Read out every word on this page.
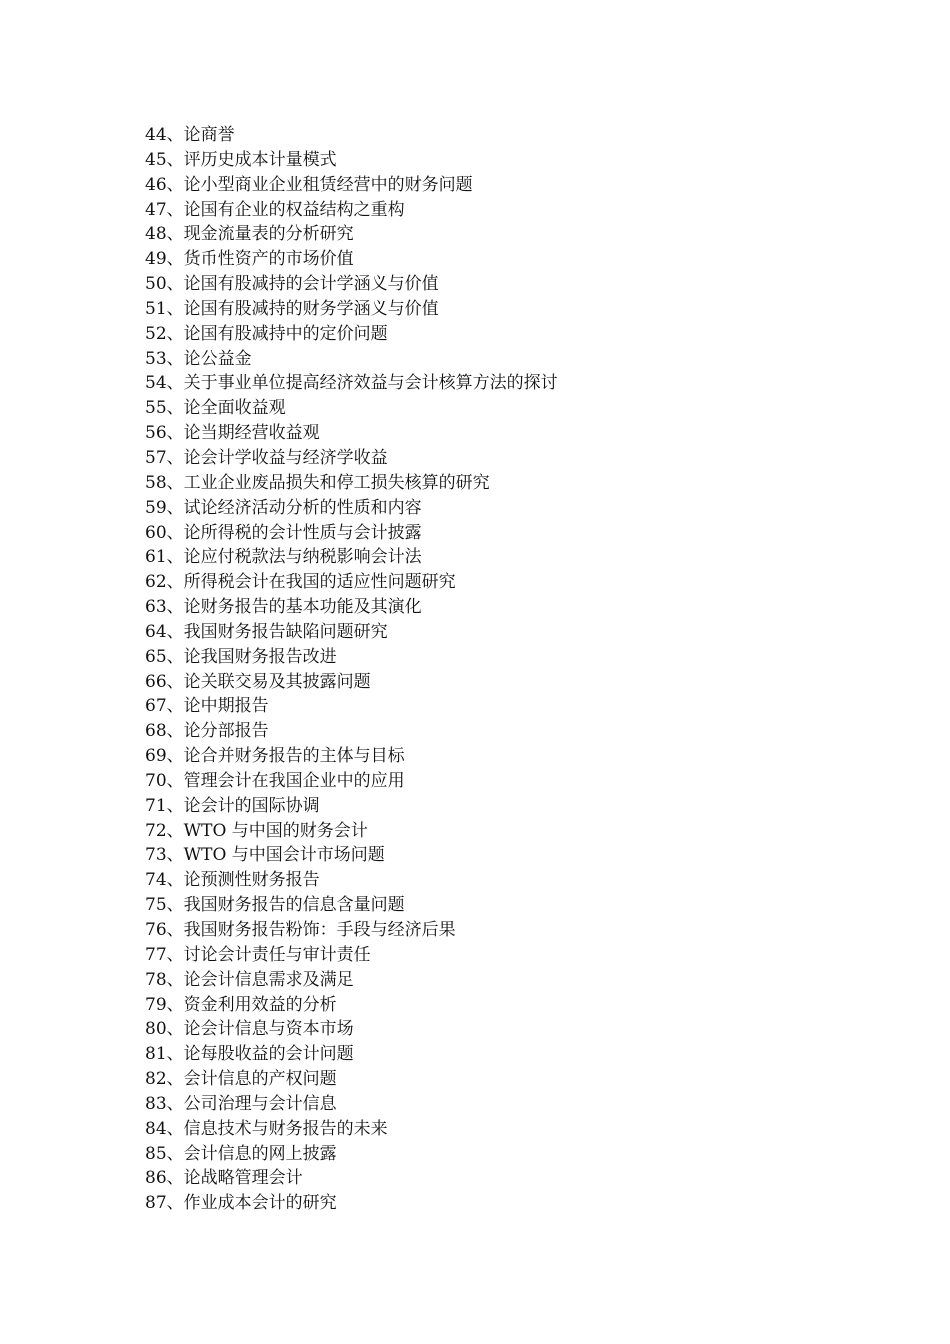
44、论商誉
45、评历史成本计量模式
46、论小型商业企业租赁经营中的财务问题
47、论国有企业的权益结构之重构
48、现金流量表的分析研究
49、货币性资产的市场价值
50、论国有股减持的会计学涵义与价值
51、论国有股减持的财务学涵义与价值
52、论国有股减持中的定价问题
53、论公益金
54、关于事业单位提高经济效益与会计核算方法的探讨
55、论全面收益观
56、论当期经营收益观
57、论会计学收益与经济学收益
58、工业企业废品损失和停工损失核算的研究
59、试论经济活动分析的性质和内容
60、论所得税的会计性质与会计披露
61、论应付税款法与纳税影响会计法
62、所得税会计在我国的适应性问题研究
63、论财务报告的基本功能及其演化
64、我国财务报告缺陷问题研究
65、论我国财务报告改进
66、论关联交易及其披露问题
67、论中期报告
68、论分部报告
69、论合并财务报告的主体与目标
70、管理会计在我国企业中的应用
71、论会计的国际协调
72、WTO 与中国的财务会计
73、WTO 与中国会计市场问题
74、论预测性财务报告
75、我国财务报告的信息含量问题
76、我国财务报告粉饰：手段与经济后果
77、讨论会计责任与审计责任
78、论会计信息需求及满足
79、资金利用效益的分析
80、论会计信息与资本市场
81、论每股收益的会计问题
82、会计信息的产权问题
83、公司治理与会计信息
84、信息技术与财务报告的未来
85、会计信息的网上披露
86、论战略管理会计
87、作业成本会计的研究
